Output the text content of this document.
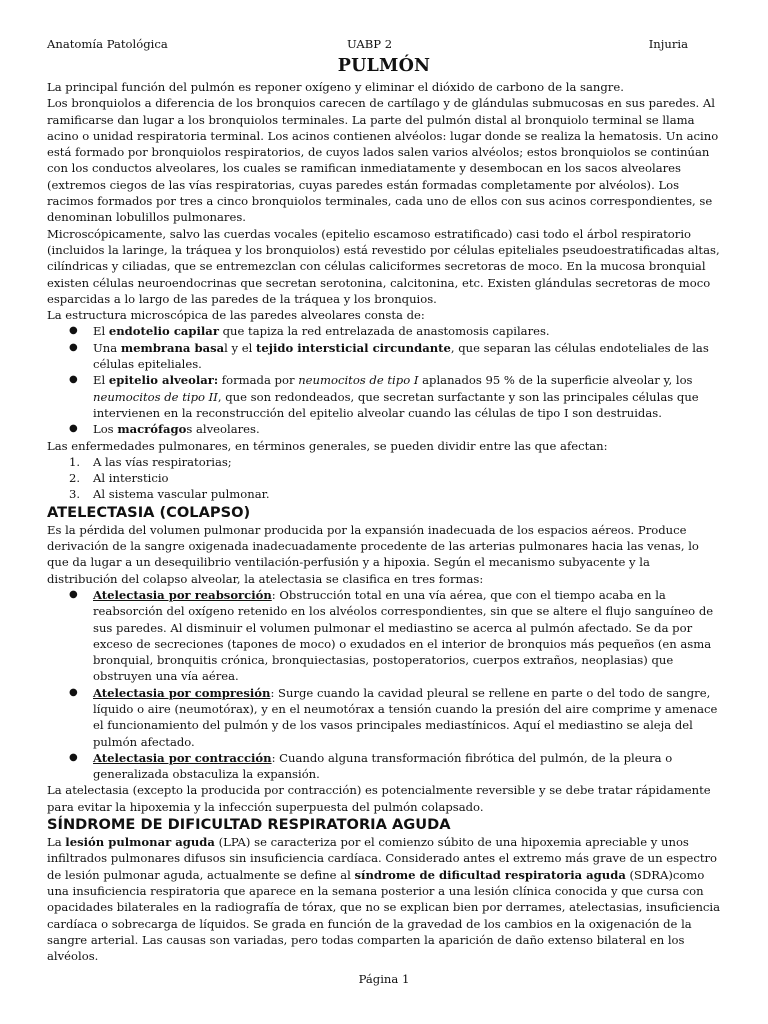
Anatomía Patológica	UABP 2	Injuria
PULMÓN

La principal función del pulmón es reponer oxígeno y eliminar el dióxido de carbono de la sangre.

Los bronquiolos a diferencia de los bronquios carecen de cartílago y de glándulas submucosas en sus paredes. Al ramificarse dan lugar a los bronquiolos terminales. La parte del pulmón distal al bronquiolo terminal se llama acino o unidad respiratoria terminal. Los acinos contienen alvéolos: lugar donde se realiza la hematosis. Un acino está formado por bronquiolos respiratorios, de cuyos lados salen varios alvéolos; estos bronquiolos se continúan con los conductos alveolares, los cuales se ramifican inmediatamente y desembocan en los sacos alveolares (extremos ciegos de las vías respiratorias, cuyas paredes están formadas completamente por alvéolos). Los racimos formados por tres a cinco bronquiolos terminales, cada uno de ellos con sus acinos correspondientes, se denominan lobulillos pulmonares.

Microscópicamente, salvo las cuerdas vocales (epitelio escamoso estratificado) casi todo el árbol respiratorio (incluidos la laringe, la tráquea y los bronquiolos) está revestido por células epiteliales pseudoestratificadas altas, cilíndricas y ciliadas, que se entremezclan con células caliciformes secretoras de moco. En la mucosa bronquial existen células neuroendocrinas que secretan serotonina, calcitonina, etc. Existen glándulas secretoras de moco esparcidas a lo largo de las paredes de la tráquea y los bronquios.

La estructura microscópica de las paredes alveolares consta de:

● El endotelio capilar que tapiza la red entrelazada de anastomosis capilares.
● Una membrana basal y el tejido intersticial circundante, que separan las células endoteliales de las células epiteliales.
● El epitelio alveolar: formada por neumocitos de tipo I aplanados 95 % de la superficie alveolar y, los neumocitos de tipo II, que son redondeados, que secretan surfactante y son las principales células que intervienen en la reconstrucción del epitelio alveolar cuando las células de tipo I son destruidas.
● Los macrófagos alveolares.

Las enfermedades pulmonares, en términos generales, se pueden dividir entre las que afectan:

1. A las vías respiratorias;
2. Al intersticio
3. Al sistema vascular pulmonar.
ATELECTASIA (COLAPSO)

Es la pérdida del volumen pulmonar producida por la expansión inadecuada de los espacios aéreos. Produce derivación de la sangre oxigenada inadecuadamente procedente de las arterias pulmonares hacia las venas, lo que da lugar a un desequilibrio ventilación-perfusión y a hipoxia. Según el mecanismo subyacente y la distribución del colapso alveolar, la atelectasia se clasifica en tres formas:

● Atelectasia por reabsorción: Obstrucción total en una vía aérea, que con el tiempo acaba en la reabsorción del oxígeno retenido en los alvéolos correspondientes, sin que se altere el flujo sanguíneo de sus paredes. Al disminuir el volumen pulmonar el mediastino se acerca al pulmón afectado. Se da por exceso de secreciones (tapones de moco) o exudados en el interior de bronquios más pequeños (en asma bronquial, bronquitis crónica, bronquiectasias, postoperatorios, cuerpos extraños, neoplasias) que obstruyen una vía aérea.
● Atelectasia por compresión: Surge cuando la cavidad pleural se rellene en parte o del todo de sangre, líquido o aire (neumotórax), y en el neumotórax a tensión cuando la presión del aire comprime y amenace el funcionamiento del pulmón y de los vasos principales mediastínicos. Aquí el mediastino se aleja del pulmón afectado.
● Atelectasia por contracción: Cuando alguna transformación fibrótica del pulmón, de la pleura o generalizada obstaculiza la expansión.

La atelectasia (excepto la producida por contracción) es potencialmente reversible y se debe tratar rápidamente para evitar la hipoxemia y la infección superpuesta del pulmón colapsado.

SÍNDROME DE DIFICULTAD RESPIRATORIA AGUDA

La lesión pulmonar aguda (LPA) se caracteriza por el comienzo súbito de una hipoxemia apreciable y unos infiltrados pulmonares difusos sin insuficiencia cardíaca. Considerado antes el extremo más grave de un espectro de lesión pulmonar aguda, actualmente se define al síndrome de dificultad respiratoria aguda (SDRA)como una insuficiencia respiratoria que aparece en la semana posterior a una lesión clínica conocida y que cursa con opacidades bilaterales en la radiografía de tórax, que no se explican bien por derrames, atelectasias, insuficiencia cardíaca o sobrecarga de líquidos. Se grada en función de la gravedad de los cambios en la oxigenación de la sangre arterial. Las causas son variadas, pero todas comparten la aparición de daño extenso bilateral en los alvéolos.

Página 1
